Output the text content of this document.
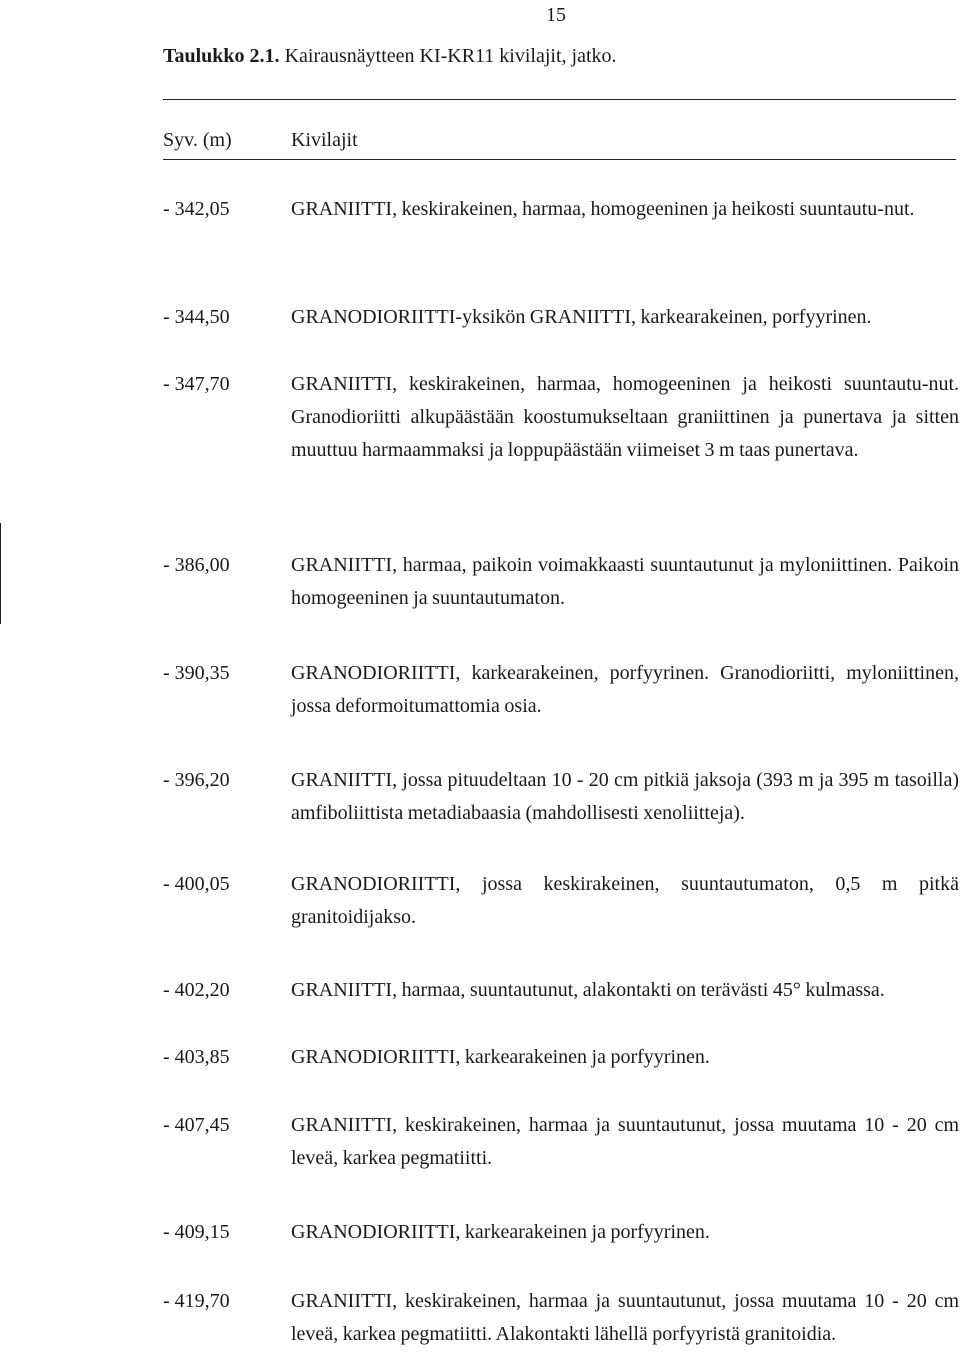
15
Taulukko 2.1. Kairausnäytteen KI-KR11 kivilajit, jatko.
Syv. (m)	Kivilajit
- 342,05	GRANIITTI, keskirakeinen, harmaa, homogeeninen ja heikosti suuntautu-nut.
- 344,50	GRANODIORIITTI-yksikön GRANIITTI, karkearakeinen, porfyyrinen.
- 347,70	GRANIITTI, keskirakeinen, harmaa, homogeeninen ja heikosti suuntautu-nut. Granodioriitti alkupäästään koostumukseltaan graniittinen ja punertava ja sitten muuttuu harmaammaksi ja loppupäästään viimeiset 3 m taas punertava.
- 386,00	GRANIITTI, harmaa, paikoin voimakkaasti suuntautunut ja myloniittinen. Paikoin homogeeninen ja suuntautumaton.
- 390,35	GRANODIORIITTI, karkearakeinen, porfyyrinen. Granodioriitti, myloniittinen, jossa deformoitumattomia osia.
- 396,20	GRANIITTI, jossa pituudeltaan 10 - 20 cm pitkiä jaksoja (393 m ja 395 m tasoilla) amfiboliittista metadiabaasia (mahdollisesti xenoliitteja).
- 400,05	GRANODIORIITTI, jossa keskirakeinen, suuntautumaton, 0,5 m pitkä granitoidijakso.
- 402,20	GRANIITTI, harmaa, suuntautunut, alakontakti on terävästi 45° kulmassa.
- 403,85	GRANODIORIITTI, karkearakeinen ja porfyyrinen.
- 407,45	GRANIITTI, keskirakeinen, harmaa ja suuntautunut, jossa muutama 10 - 20 cm leveä, karkea pegmatiitti.
- 409,15	GRANODIORIITTI, karkearakeinen ja porfyyrinen.
- 419,70	GRANIITTI, keskirakeinen, harmaa ja suuntautunut, jossa muutama 10 - 20 cm leveä, karkea pegmatiitti. Alakontakti lähellä porfyyristä granitoidia.
